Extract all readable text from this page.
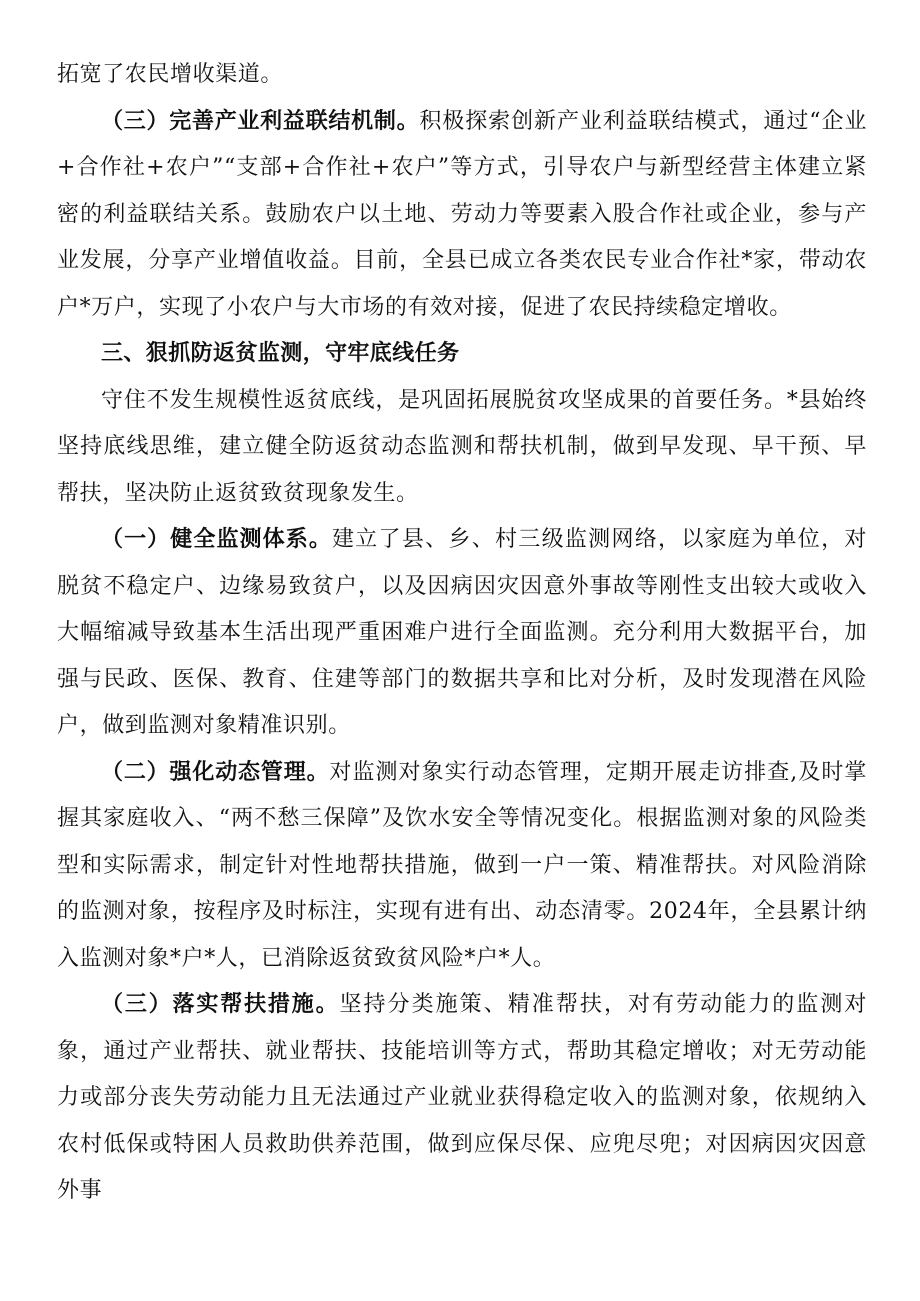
拓宽了农民增收渠道。

（三）完善产业利益联结机制。积极探索创新产业利益联结模式，通过“企业+合作社+农户”“支部+合作社+农户”等方式，引导农户与新型经营主体建立紧密的利益联结关系。鼓励农户以土地、劳动力等要素入股合作社或企业，参与产业发展，分享产业增值收益。目前，全县已成立各类农民专业合作社*家，带动农户*万户，实现了小农户与大市场的有效对接，促进了农民持续稳定增收。

三、狠抓防返贫监测，守牢底线任务

守住不发生规模性返贫底线，是巩固拓展脱贫攻坚成果的首要任务。*县始终坚持底线思维，建立健全防返贫动态监测和帮扶机制，做到早发现、早干预、早帮扶，坚决防止返贫致贫现象发生。

（一）健全监测体系。建立了县、乡、村三级监测网络，以家庭为单位，对脱贫不稳定户、边缘易致贫户，以及因病因灾因意外事故等刚性支出较大或收入大幅缩减导致基本生活出现严重困难户进行全面监测。充分利用大数据平台，加强与民政、医保、教育、住建等部门的数据共享和比对分析，及时发现潜在风险户，做到监测对象精准识别。

（二）强化动态管理。对监测对象实行动态管理，定期开展走访排查,及时掌握其家庭收入、“两不愁三保障”及饮水安全等情况变化。根据监测对象的风险类型和实际需求，制定针对性地帮扶措施，做到一户一策、精准帮扶。对风险消除的监测对象，按程序及时标注，实现有进有出、动态清零。2024年，全县累计纳入监测对象*户*人，已消除返贫致贫风险*户*人。

（三）落实帮扶措施。坚持分类施策、精准帮扶，对有劳动能力的监测对象，通过产业帮扶、就业帮扶、技能培训等方式，帮助其稳定增收；对无劳动能力或部分丧失劳动能力且无法通过产业就业获得稳定收入的监测对象，依规纳入农村低保或特困人员救助供养范围，做到应保尽保、应兜尽兜；对因病因灾因意外事
